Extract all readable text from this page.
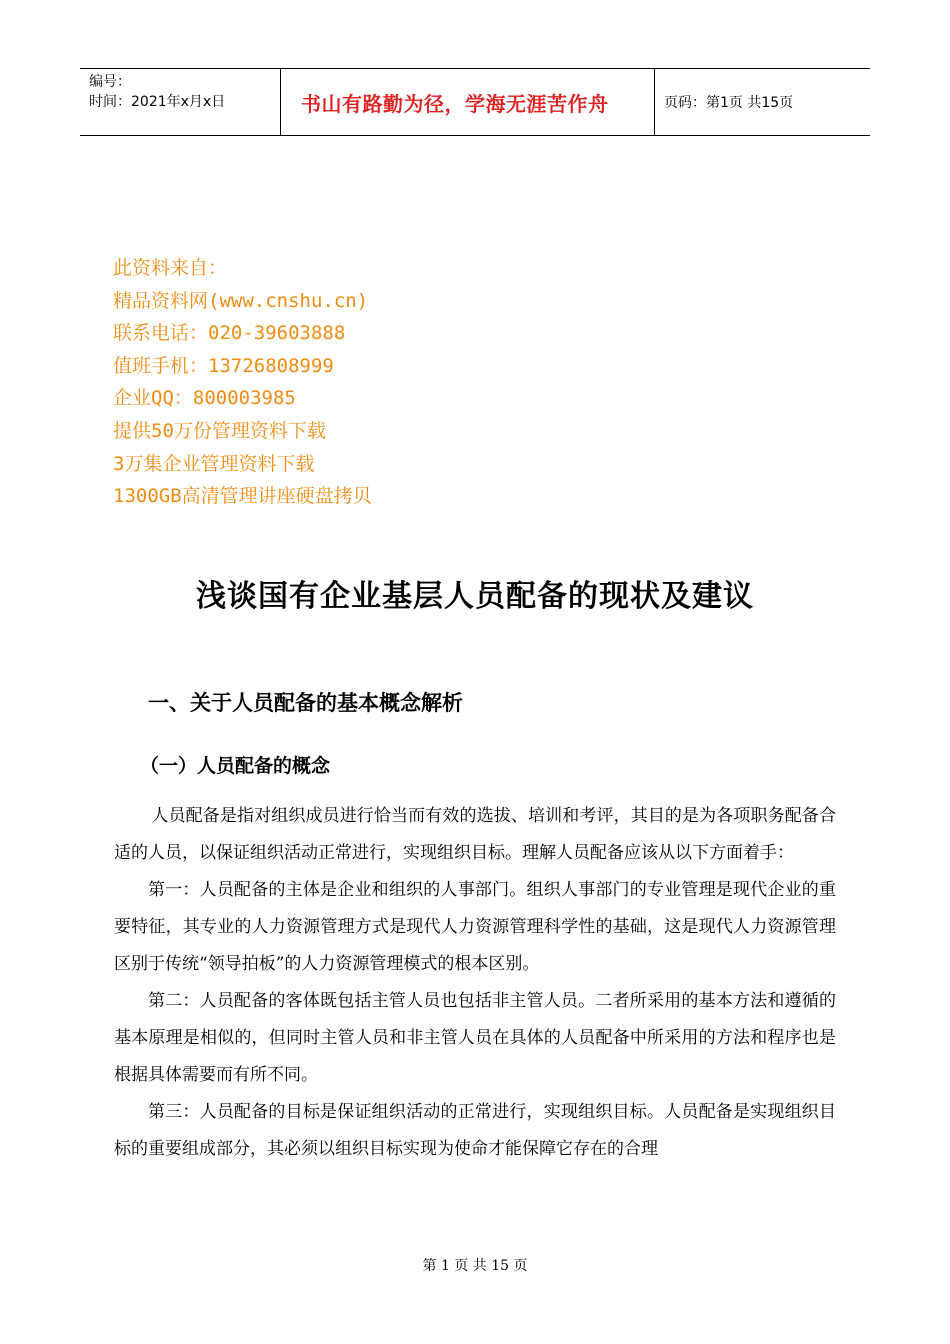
编号：
时间：2021年x月x日	书山有路勤为径，学海无涯苦作舟	页码：第1页 共15页
此资料来自：
精品资料网(www.cnshu.cn)
联系电话：020-39603888
值班手机：13726808999
企业QQ：800003985
提供50万份管理资料下载
3万集企业管理资料下载
1300GB高清管理讲座硬盘拷贝
浅谈国有企业基层人员配备的现状及建议
一、关于人员配备的基本概念解析
（一）人员配备的概念

人员配备是指对组织成员进行恰当而有效的选拔、培训和考评，其目的是为各项职务配备合适的人员，以保证组织活动正常进行，实现组织目标。理解人员配备应该从以下方面着手：

第一：人员配备的主体是企业和组织的人事部门。组织人事部门的专业管理是现代企业的重要特征，其专业的人力资源管理方式是现代人力资源管理科学性的基础，这是现代人力资源管理区别于传统“领导拍板”的人力资源管理模式的根本区别。

第二：人员配备的客体既包括主管人员也包括非主管人员。二者所采用的基本方法和遵循的基本原理是相似的，但同时主管人员和非主管人员在具体的人员配备中所采用的方法和程序也是根据具体需要而有所不同。

第三：人员配备的目标是保证组织活动的正常进行，实现组织目标。人员配备是实现组织目标的重要组成部分，其必须以组织目标实现为使命才能保障它存在的合理

第 1 页 共 15 页
